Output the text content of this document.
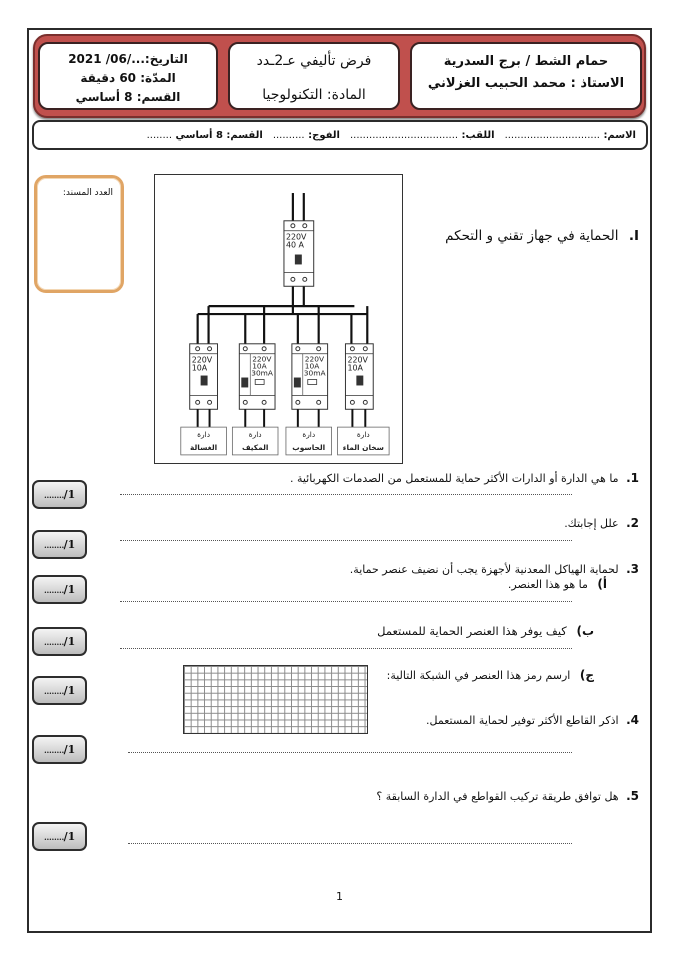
حمام الشط / برج السدرية
الاستاذ : محمد الحبيب الغزلاني
فرض تأليفي عـ2ـدد
المادة: التكنولوجيا
التاريخ:.../06/ 2021
المدّة: 60 دقيقة
القسم: 8 أساسي
الاسم: ..............................
اللقب: ..................................
الفوج: ..........
القسم: 8 أساسي ........
العدد المسند:
220V
40 A
220V
10A
220V
10A
30mA
220V
10A
30mA
220V
10A
دارة
الغسالة
دارة
المكيف
دارة
الحاسوب
دارة
سخان الماء
I. الحماية في جهاز تقني و التحكم
1. ما هي الدارة أو الدارات الأكثر حماية للمستعمل من الصدمات الكهربائية .
......../1
2. علل إجابتك.
......../1
3. لحماية الهياكل المعدنية لأجهزة يجب أن نضيف عنصر حماية.
أ) ما هو هذا العنصر.
......../1
ب) كيف يوفر هذا العنصر الحماية للمستعمل
......../1
ج) ارسم رمز هذا العنصر في الشبكة التالية:
......../1
4. اذكر القاطع الأكثر توفير لحماية المستعمل.
......../1
5. هل توافق طريقة تركيب القواطع في الدارة السابقة ؟
......../1
1
